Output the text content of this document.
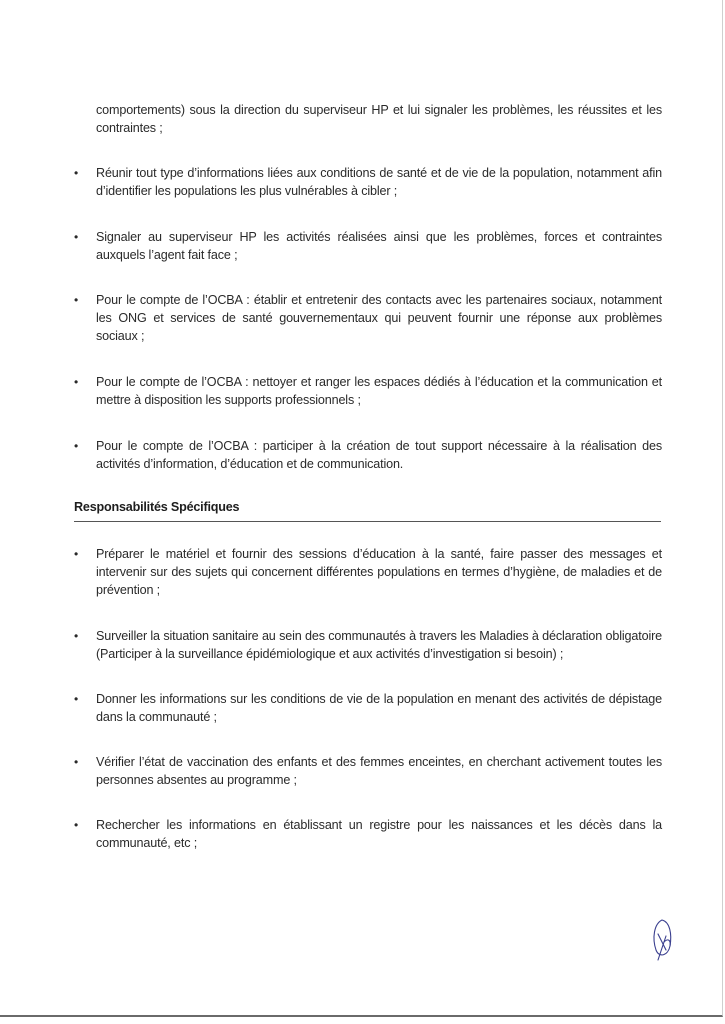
comportements) sous la direction du superviseur HP et lui signaler les problèmes, les réussites et les contraintes ;
• Réunir tout type d’informations liées aux conditions de santé et de vie de la population, notamment afin d’identifier les populations les plus vulnérables à cibler ;
• Signaler au superviseur HP les activités réalisées ainsi que les problèmes, forces et contraintes auxquels l’agent fait face ;
• Pour le compte de l’OCBA : établir et entretenir des contacts avec les partenaires sociaux, notamment les ONG et services de santé gouvernementaux qui peuvent fournir une réponse aux problèmes sociaux ;
• Pour le compte de l’OCBA : nettoyer et ranger les espaces dédiés à l’éducation et la communication et mettre à disposition les supports professionnels ;
• Pour le compte de l’OCBA : participer à la création de tout support nécessaire à la réalisation des activités d’information, d’éducation et de communication.
Responsabilités Spécifiques
• Préparer le matériel et fournir des sessions d’éducation à la santé, faire passer des messages et intervenir sur des sujets qui concernent différentes populations en termes d’hygiène, de maladies et de prévention ;
• Surveiller la situation sanitaire au sein des communautés à travers les Maladies à déclaration obligatoire (Participer à la surveillance épidémiologique et aux activités d’investigation si besoin) ;
• Donner les informations sur les conditions de vie de la population en menant des activités de dépistage dans la communauté ;
• Vérifier l’état de vaccination des enfants et des femmes enceintes, en cherchant activement toutes les personnes absentes au programme ;
• Rechercher les informations en établissant un registre pour les naissances et les décès dans la communauté, etc ;
